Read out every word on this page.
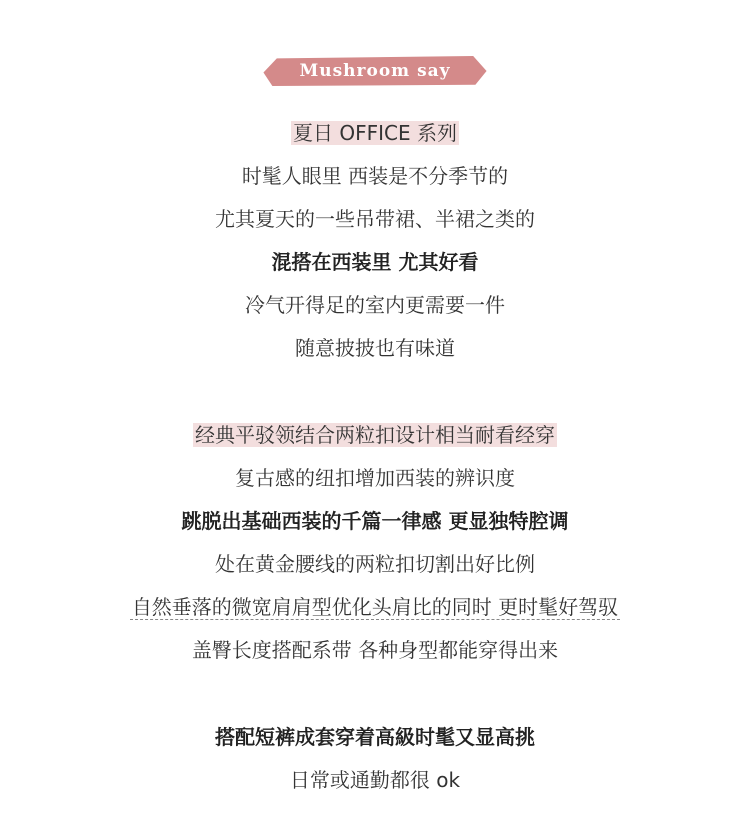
Mushroom say
夏日 OFFICE 系列
时髦人眼里 西装是不分季节的
尤其夏天的一些吊带裙、半裙之类的
混搭在西装里 尤其好看
冷气开得足的室内更需要一件
随意披披也有味道
经典平驳领结合两粒扣设计相当耐看经穿
复古感的纽扣增加西装的辨识度
跳脱出基础西装的千篇一律感 更显独特腔调
处在黄金腰线的两粒扣切割出好比例
自然垂落的微宽肩肩型优化头肩比的同时 更时髦好驾驭
盖臀长度搭配系带 各种身型都能穿得出来
搭配短裤成套穿着高級时髦又显高挑
日常或通勤都很 ok
